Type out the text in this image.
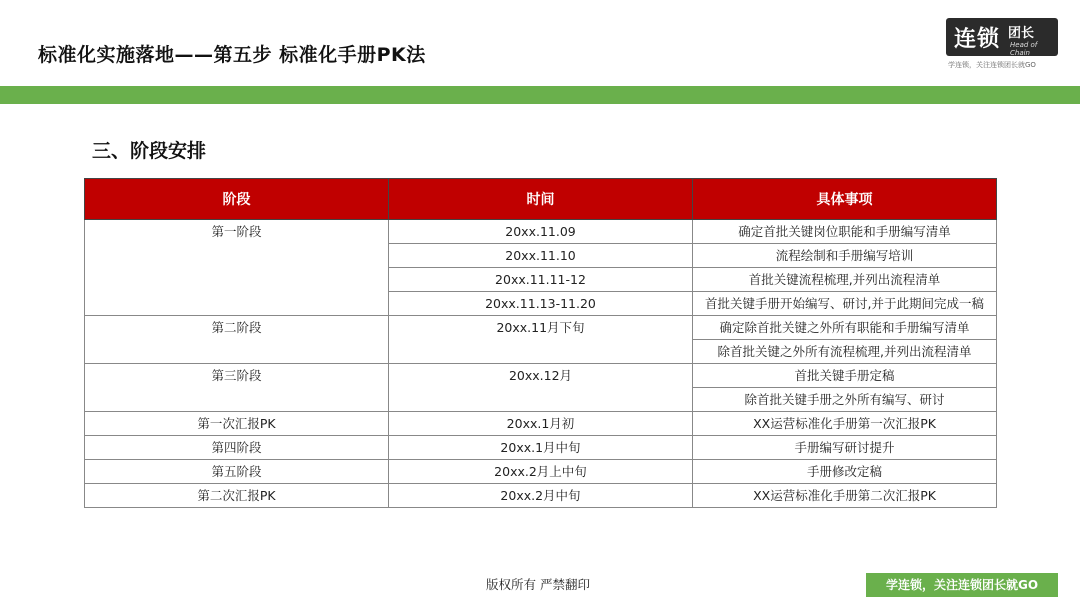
标准化实施落地——第五步 标准化手册PK法
连锁 团长
Head of Chain
学连锁，关注连锁团长就GO
三、阶段安排
阶段	时间	具体事项
第一阶段	20xx.11.09	确定首批关键岗位职能和手册编写清单
	20xx.11.10	流程绘制和手册编写培训
	20xx.11.11-12	首批关键流程梳理,并列出流程清单
	20xx.11.13-11.20	首批关键手册开始编写、研讨,并于此期间完成一稿
第二阶段	20xx.11月下旬	确定除首批关键之外所有职能和手册编写清单
		除首批关键之外所有流程梳理,并列出流程清单
第三阶段	20xx.12月	首批关键手册定稿
		除首批关键手册之外所有编写、研讨
第一次汇报PK	20xx.1月初	XX运营标准化手册第一次汇报PK
第四阶段	20xx.1月中旬	手册编写研讨提升
第五阶段	20xx.2月上中旬	手册修改定稿
第二次汇报PK	20xx.2月中旬	XX运营标准化手册第二次汇报PK
版权所有 严禁翻印	学连锁，关注连锁团长就GO
